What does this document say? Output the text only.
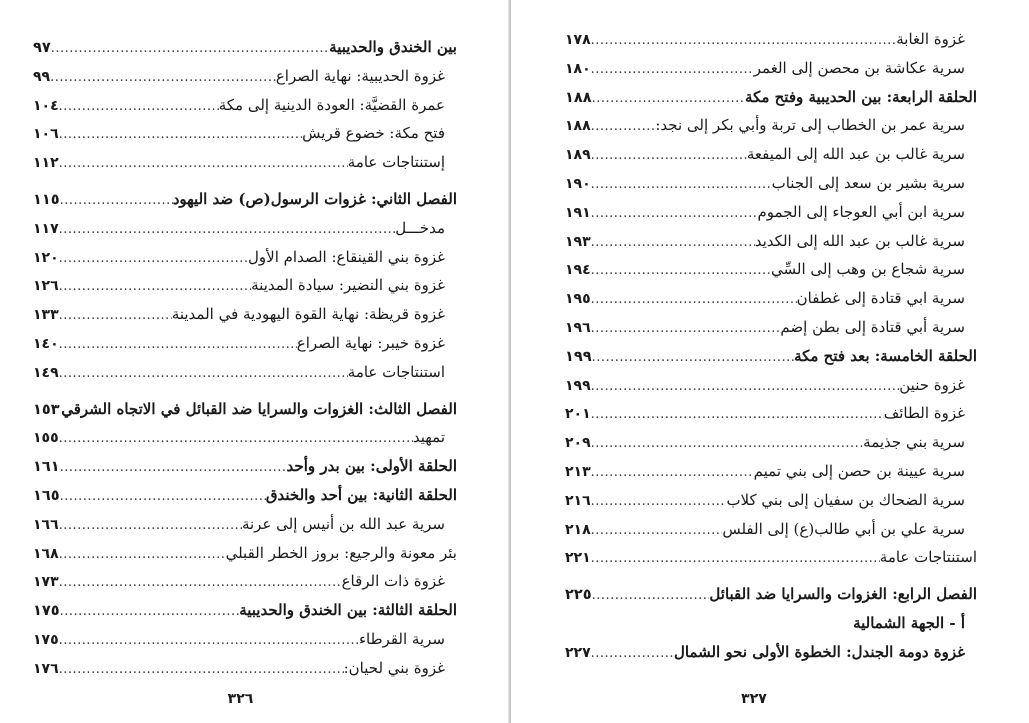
بين الخندق والحديبية
.....
٩٧
غزوة الحديبية: نهاية الصراع
.....
٩٩
عمرة القضيَّة: العودة الدينية إلى مكة
.....
١٠٤
فتح مكة: خضوع قريش
.....
١٠٦
إستنتاجات عامة
.....
١١٢
الفصل الثاني: غزوات الرسول(ص) ضد اليهود
.....
١١٥
مدخـــل
.....
١١٧
غزوة بني القينقاع: الصدام الأول
.....
١٢٠
غزوة بني النضير: سيادة المدينة
.....
١٢٦
غزوة قريظة: نهاية القوة اليهودية في المدينة
.....
١٣٣
غزوة خيبر: نهاية الصراع
.....
١٤٠
استنتاجات عامة
.....
١٤٩
الفصل الثالث: الغزوات والسرايا ضد القبائل في الاتجاه الشرقي
.....
١٥٣
تمهيد
.....
١٥٥
الحلقة الأولى: بين بدر وأحد
.....
١٦١
الحلقة الثانية: بين أحد والخندق
.....
١٦٥
سرية عبد الله بن أنيس إلى عرنة
.....
١٦٦
بئر معونة والرجيع: بروز الخطر القبلي
.....
١٦٨
غزوة ذات الرقاع
.....
١٧٣
الحلقة الثالثة: بين الخندق والحديبية
.....
١٧٥
سرية القرطاء
.....
١٧٥
غزوة بني لحيان:
.....
١٧٦
٣٢٦
غزوة الغابة
.....
١٧٨
سرية عكاشة بن محصن إلى الغمر
.....
١٨٠
الحلقة الرابعة: بين الحديبية وفتح مكة
.....
١٨٨
سرية عمر بن الخطاب إلى تربة وأبي بكر إلى نجد:
.....
١٨٨
سرية غالب بن عبد الله إلى الميفعة
.....
١٨٩
سرية بشير بن سعد إلى الجناب
.....
١٩٠
سرية ابن أبي العوجاء إلى الجموم
.....
١٩١
سرية غالب بن عبد الله إلى الكديد
.....
١٩٣
سرية شجاع بن وهب إلى السِّي
.....
١٩٤
سرية ابي قتادة إلى غطفان
.....
١٩٥
سرية أبي قتادة إلى بطن إضم
.....
١٩٦
الحلقة الخامسة: بعد فتح مكة
.....
١٩٩
غزوة حنين
.....
١٩٩
غزوة الطائف
.....
٢٠١
سرية بني جذيمة
.....
٢٠٩
سرية عيينة بن حصن إلى بني تميم
.....
٢١٣
سرية الضحاك بن سفيان إلى بني كلاب
.....
٢١٦
سرية علي بن أبي طالب(ع) إلى الفلس
.....
٢١٨
استنتاجات عامة
.....
٢٢١
الفصل الرابع: الغزوات والسرايا ضد القبائل
.....
٢٢٥
أ - الجهة الشمالية
غزوة دومة الجندل: الخطوة الأولى نحو الشمال
.....
٢٢٧
٣٢٧
